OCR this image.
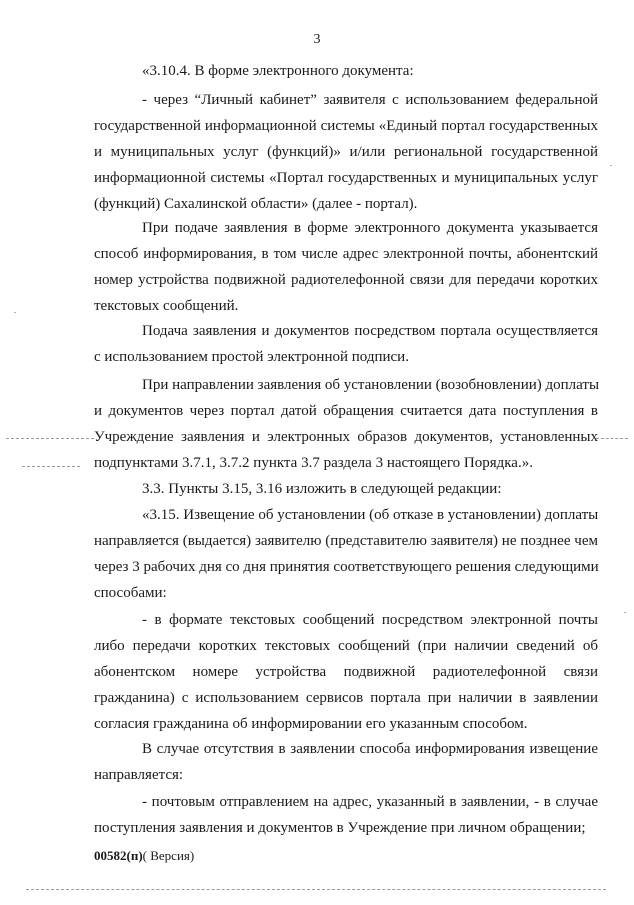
3
«3.10.4. В форме электронного документа:
- через “Личный кабинет” заявителя с использованием федеральной
государственной информационной системы «Единый портал государственных
и муниципальных услуг (функций)» и/или региональной государственной
информационной системы «Портал государственных и муниципальных услуг
(функций) Сахалинской области» (далее - портал).
При подаче заявления в форме электронного документа указывается
способ информирования, в том числе адрес электронной почты, абонентский
номер устройства подвижной радиотелефонной связи для передачи коротких
текстовых сообщений.
Подача заявления и документов посредством портала осуществляется
с использованием простой электронной подписи.
При направлении заявления об установлении (возобновлении) доплаты
и документов через портал датой обращения считается дата поступления в
Учреждение заявления и электронных образов документов, установленных
подпунктами 3.7.1, 3.7.2 пункта 3.7 раздела 3 настоящего Порядка.».
3.3. Пункты 3.15, 3.16 изложить в следующей редакции:
«3.15. Извещение об установлении (об отказе в установлении) доплаты
направляется (выдается) заявителю (представителю заявителя) не позднее чем
через 3 рабочих дня со дня принятия соответствующего решения следующими
способами:
- в формате текстовых сообщений посредством электронной почты
либо передачи коротких текстовых сообщений (при наличии сведений об
абонентском номере устройства подвижной радиотелефонной связи
гражданина) с использованием сервисов портала при наличии в заявлении
согласия гражданина об информировании его указанным способом.
В случае отсутствия в заявлении способа информирования извещение
направляется:
- почтовым отправлением на адрес, указанный в заявлении, - в случае
поступления заявления и документов в Учреждение при личном обращении;
00582(п)( Версия)
